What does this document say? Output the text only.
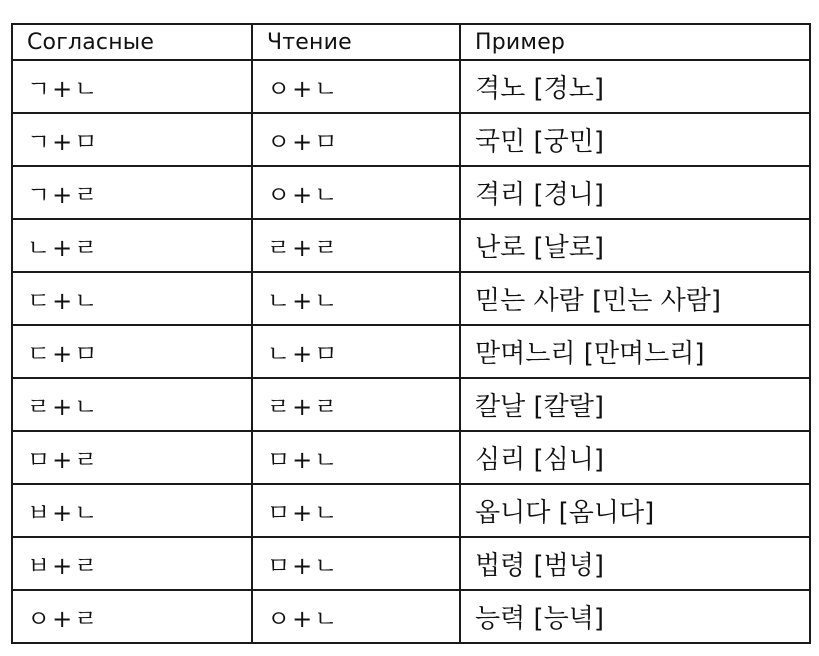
Согласные	Чтение	Пример
ㄱ+ㄴ	ㅇ+ㄴ	격노 [경노]
ㄱ+ㅁ	ㅇ+ㅁ	국민 [궁민]
ㄱ+ㄹ	ㅇ+ㄴ	격리 [경니]
ㄴ+ㄹ	ㄹ+ㄹ	난로 [날로]
ㄷ+ㄴ	ㄴ+ㄴ	믿는 사람 [민는 사람]
ㄷ+ㅁ	ㄴ+ㅁ	맏며느리 [만며느리]
ㄹ+ㄴ	ㄹ+ㄹ	칼날 [칼랄]
ㅁ+ㄹ	ㅁ+ㄴ	심리 [심니]
ㅂ+ㄴ	ㅁ+ㄴ	옵니다 [옴니다]
ㅂ+ㄹ	ㅁ+ㄴ	법령 [범녕]
ㅇ+ㄹ	ㅇ+ㄴ	능력 [능녁]
